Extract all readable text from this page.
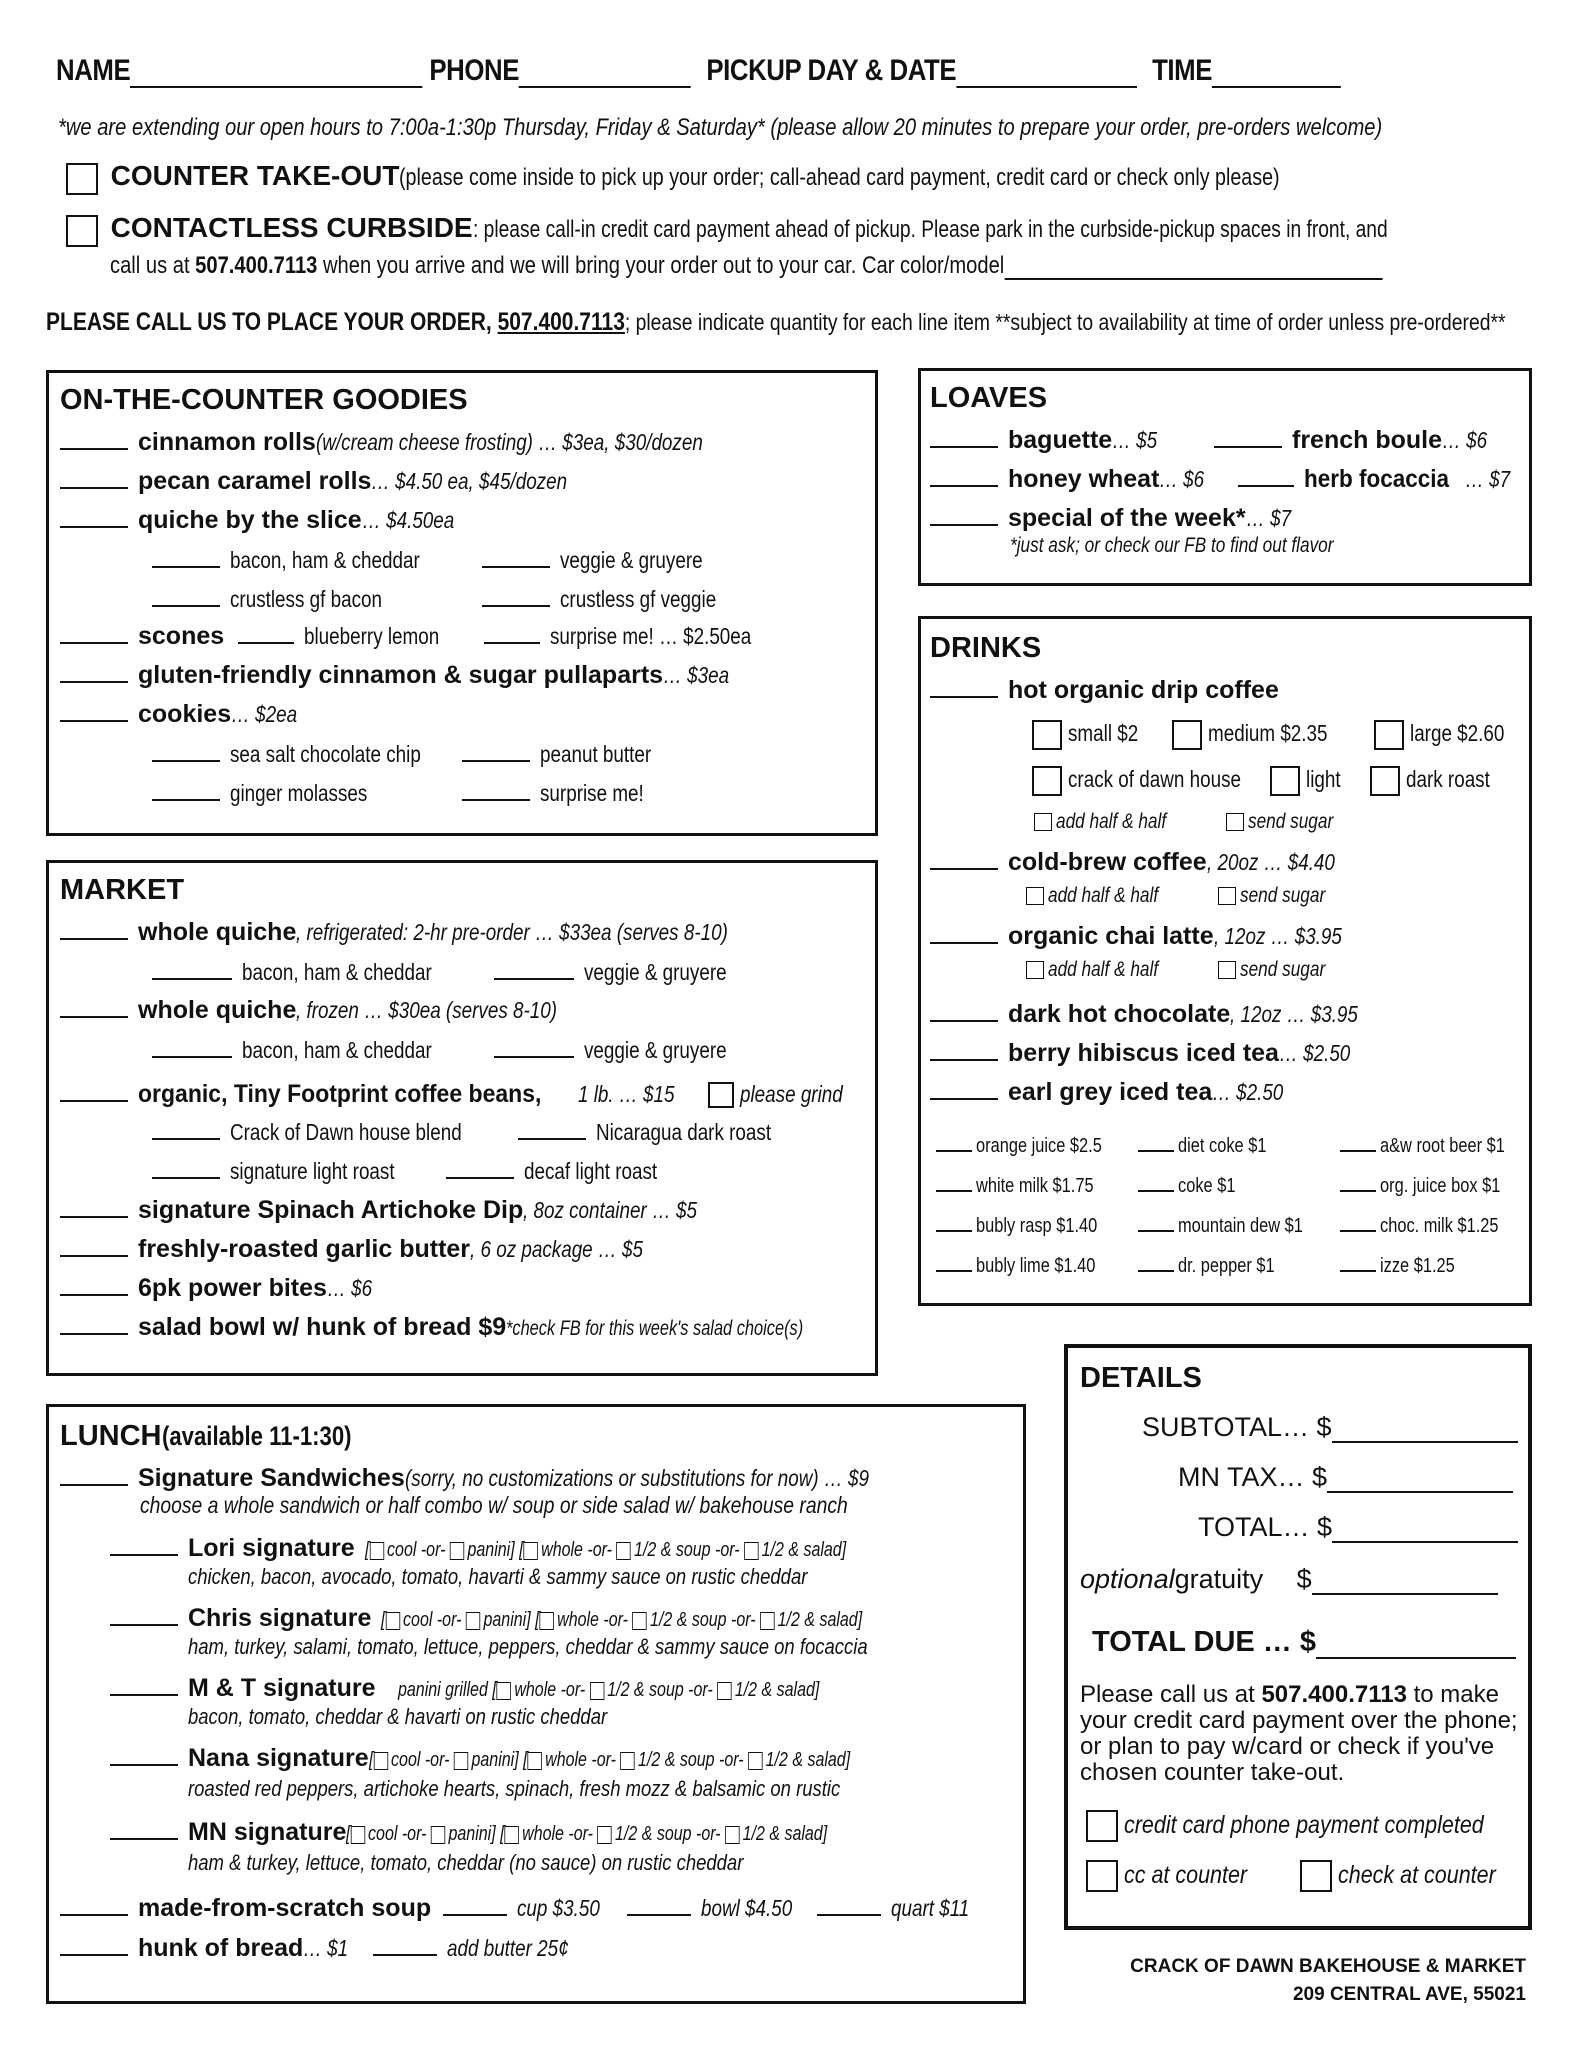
NAME	PHONE	PICKUP DAY & DATE	TIME
*we are extending our open hours to 7:00a-1:30p Thursday, Friday & Saturday* (please allow 20 minutes to prepare your order, pre-orders welcome)
COUNTER TAKE-OUT(please come inside to pick up your order; call-ahead card payment, credit card or check only please)
CONTACTLESS CURBSIDE: please call-in credit card payment ahead of pickup. Please park in the curbside-pickup spaces in front, and
call us at 507.400.7113 when you arrive and we will bring your order out to your car. Car color/model
PLEASE CALL US TO PLACE YOUR ORDER, 507.400.7113; please indicate quantity for each line item **subject to availability at time of order unless pre-ordered**
ON-THE-COUNTER GOODIES
cinnamon rolls(w/cream cheese frosting) … $3ea, $30/dozen
pecan caramel rolls… $4.50 ea, $45/dozen
quiche by the slice… $4.50ea
bacon, ham & cheddar	veggie & gruyere
crustless gf bacon	crustless gf veggie
scones	blueberry lemon	surprise me! … $2.50ea
gluten-friendly cinnamon & sugar pullaparts… $3ea
cookies… $2ea
sea salt chocolate chip	peanut butter
ginger molasses	surprise me!
MARKET
whole quiche, refrigerated: 2-hr pre-order … $33ea (serves 8-10)
bacon, ham & cheddar	veggie & gruyere
whole quiche, frozen … $30ea (serves 8-10)
bacon, ham & cheddar	veggie & gruyere
organic, Tiny Footprint coffee beans,1 lb. … $15	please grind
Crack of Dawn house blend	Nicaragua dark roast
signature light roast	decaf light roast
signature Spinach Artichoke Dip, 8oz container … $5
freshly-roasted garlic butter, 6 oz package … $5
6pk power bites… $6
salad bowl w/ hunk of bread $9*check FB for this week's salad choice(s)
LUNCH(available 11-1:30)
Signature Sandwiches(sorry, no customizations or substitutions for now) … $9
choose a whole sandwich or half combo w/ soup or side salad w/ bakehouse ranch
Lori signature [ cool -or- panini] [ whole -or- 1/2 & soup -or- 1/2 & salad]
chicken, bacon, avocado, tomato, havarti & sammy sauce on rustic cheddar
Chris signature [ cool -or- panini] [ whole -or- 1/2 & soup -or- 1/2 & salad]
ham, turkey, salami, tomato, lettuce, peppers, cheddar & sammy sauce on focaccia
M & T signature panini grilled [ whole -or- 1/2 & soup -or- 1/2 & salad]
bacon, tomato, cheddar & havarti on rustic cheddar
Nana signature[ cool -or- panini] [ whole -or- 1/2 & soup -or- 1/2 & salad]
roasted red peppers, artichoke hearts, spinach, fresh mozz & balsamic on rustic
MN signature[ cool -or- panini] [ whole -or- 1/2 & soup -or- 1/2 & salad]
ham & turkey, lettuce, tomato, cheddar (no sauce) on rustic cheddar
made-from-scratch soup	cup $3.50	bowl $4.50	quart $11
hunk of bread… $1	add butter 25¢
LOAVES
baguette… $5	french boule… $6
honey wheat… $6	herb focaccia… $7
special of the week*… $7
*just ask; or check our FB to find out flavor
DRINKS
hot organic drip coffee
small $2	medium $2.35	large $2.60
crack of dawn house	light	dark roast
add half & half	send sugar
cold-brew coffee, 20oz … $4.40
add half & half	send sugar
organic chai latte, 12oz … $3.95
add half & half	send sugar
dark hot chocolate, 12oz … $3.95
berry hibiscus iced tea… $2.50
earl grey iced tea… $2.50
orange juice $2.5	diet coke $1	a&w root beer $1
white milk $1.75	coke $1	org. juice box $1
bubly rasp $1.40	mountain dew $1	choc. milk $1.25
bubly lime $1.40	dr. pepper $1	izze $1.25
DETAILS
SUBTOTAL… $
MN TAX… $
TOTAL… $
optionalgratuity $
TOTAL DUE … $
Please call us at 507.400.7113 to make your credit card payment over the phone; or plan to pay w/card or check if you've chosen counter take-out.
credit card phone payment completed
cc at counter	check at counter
CRACK OF DAWN BAKEHOUSE & MARKET
209 CENTRAL AVE, 55021
